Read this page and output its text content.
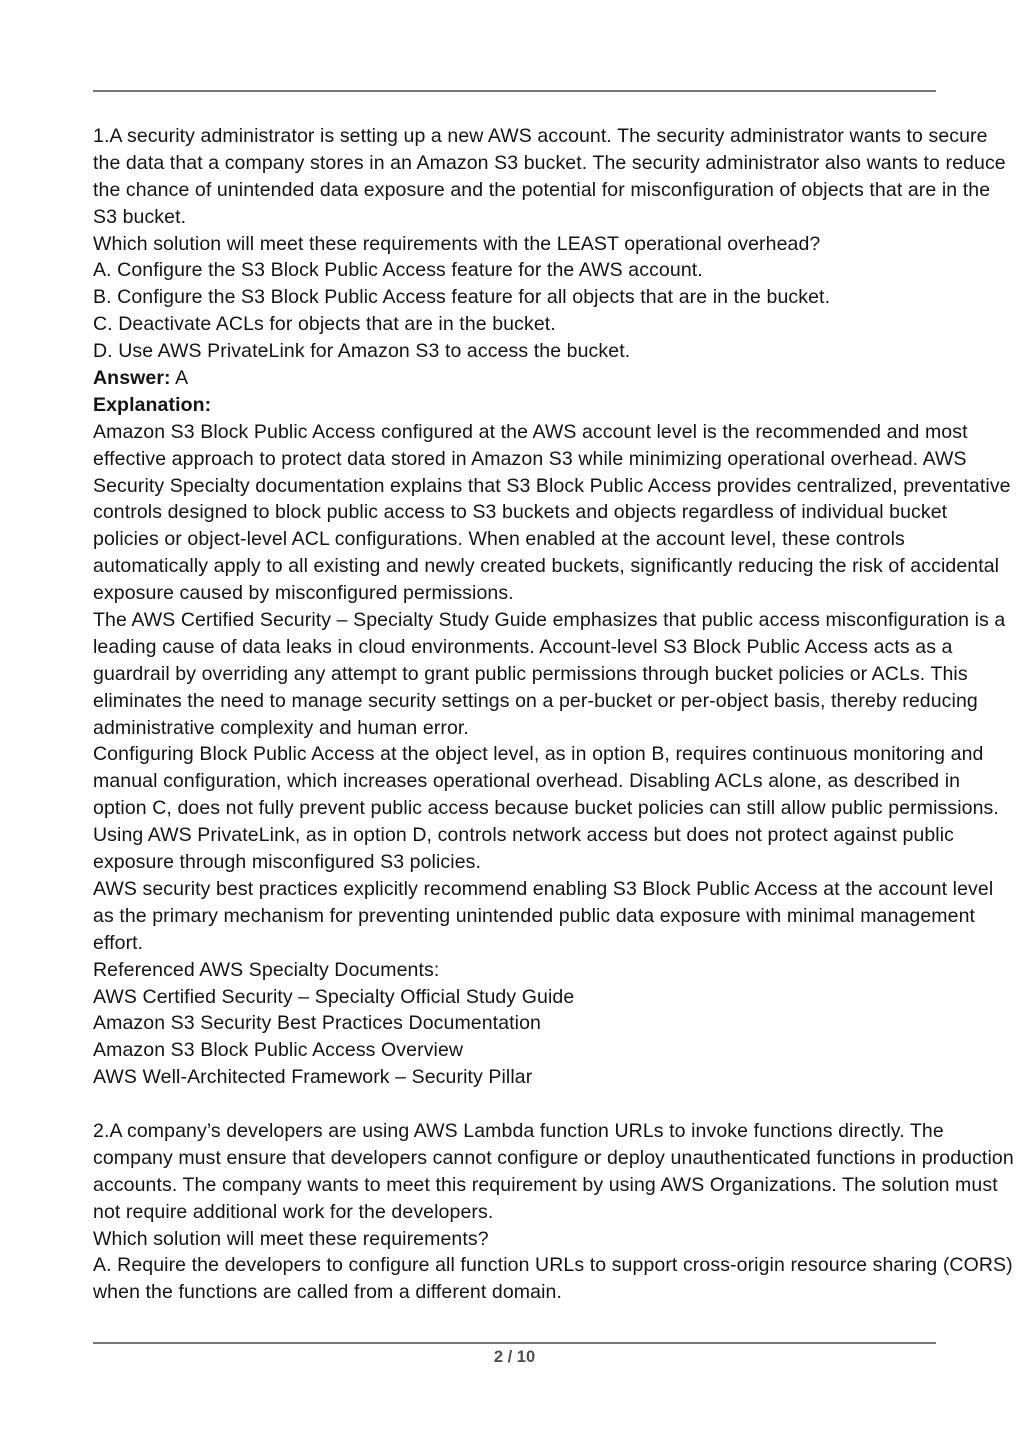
1.A security administrator is setting up a new AWS account. The security administrator wants to secure
the data that a company stores in an Amazon S3 bucket. The security administrator also wants to reduce
the chance of unintended data exposure and the potential for misconfiguration of objects that are in the
S3 bucket.
Which solution will meet these requirements with the LEAST operational overhead?
A. Configure the S3 Block Public Access feature for the AWS account.
B. Configure the S3 Block Public Access feature for all objects that are in the bucket.
C. Deactivate ACLs for objects that are in the bucket.
D. Use AWS PrivateLink for Amazon S3 to access the bucket.
Answer: A
Explanation:
Amazon S3 Block Public Access configured at the AWS account level is the recommended and most
effective approach to protect data stored in Amazon S3 while minimizing operational overhead. AWS
Security Specialty documentation explains that S3 Block Public Access provides centralized, preventative
controls designed to block public access to S3 buckets and objects regardless of individual bucket
policies or object-level ACL configurations. When enabled at the account level, these controls
automatically apply to all existing and newly created buckets, significantly reducing the risk of accidental
exposure caused by misconfigured permissions.
The AWS Certified Security – Specialty Study Guide emphasizes that public access misconfiguration is a
leading cause of data leaks in cloud environments. Account-level S3 Block Public Access acts as a
guardrail by overriding any attempt to grant public permissions through bucket policies or ACLs. This
eliminates the need to manage security settings on a per-bucket or per-object basis, thereby reducing
administrative complexity and human error.
Configuring Block Public Access at the object level, as in option B, requires continuous monitoring and
manual configuration, which increases operational overhead. Disabling ACLs alone, as described in
option C, does not fully prevent public access because bucket policies can still allow public permissions.
Using AWS PrivateLink, as in option D, controls network access but does not protect against public
exposure through misconfigured S3 policies.
AWS security best practices explicitly recommend enabling S3 Block Public Access at the account level
as the primary mechanism for preventing unintended public data exposure with minimal management
effort.
Referenced AWS Specialty Documents:
AWS Certified Security – Specialty Official Study Guide
Amazon S3 Security Best Practices Documentation
Amazon S3 Block Public Access Overview
AWS Well-Architected Framework – Security Pillar
2.A company’s developers are using AWS Lambda function URLs to invoke functions directly. The
company must ensure that developers cannot configure or deploy unauthenticated functions in production
accounts. The company wants to meet this requirement by using AWS Organizations. The solution must
not require additional work for the developers.
Which solution will meet these requirements?
A. Require the developers to configure all function URLs to support cross-origin resource sharing (CORS)
when the functions are called from a different domain.
2 / 10
